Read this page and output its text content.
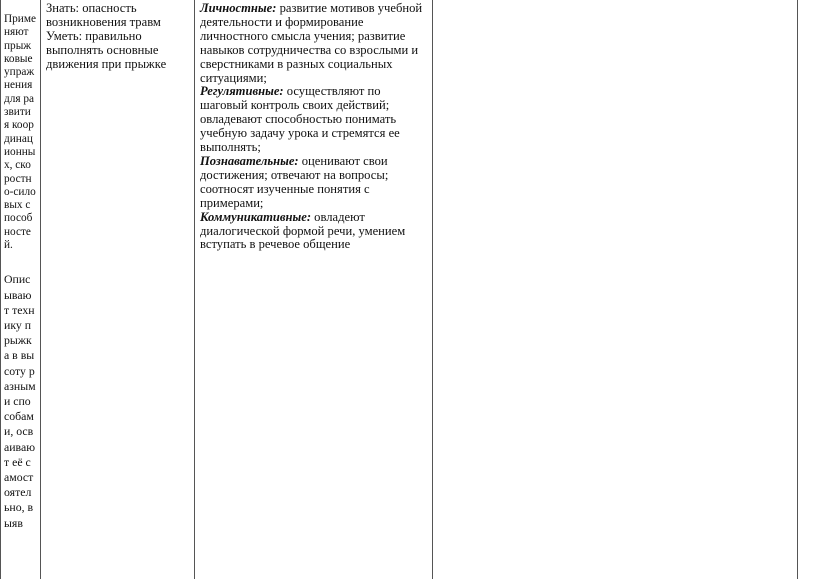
Применяют прыжковые упражнения для развития координационных, скоростно-силовых способностей.
Описывают технику прыжка в высоту разными способами, осваивают её самостоятельно, выяв
Знать: опасность возникновения травм
Уметь: правильно выполнять основные движения при прыжке
Личностные: развитие мотивов учебной деятельности и формирование личностного смысла учения; развитие навыков сотрудничества со взрослыми и сверстниками в разных социальных ситуациями;
Регулятивные: осуществляют по шаговый контроль своих действий; овладевают способностью понимать учебную задачу урока и стремятся ее выполнять;
Познавательные: оценивают свои достижения; отвечают на вопросы; соотносят изученные понятия с примерами;
Коммуникативные: овладеют диалогической формой речи, умением вступать в речевое общение
